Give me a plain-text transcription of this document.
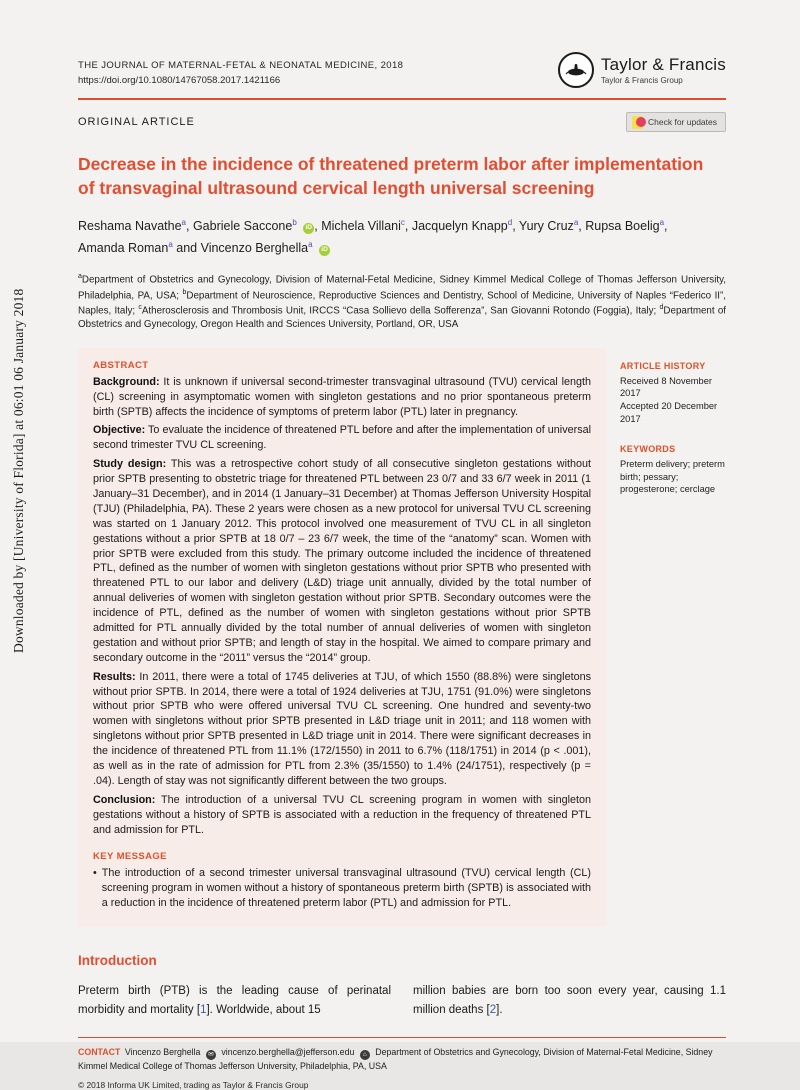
Downloaded by [University of Florida] at 06:01 06 January 2018
THE JOURNAL OF MATERNAL-FETAL & NEONATAL MEDICINE, 2018
https://doi.org/10.1080/14767058.2017.1421166
Taylor & Francis
Taylor & Francis Group
ORIGINAL ARTICLE	Check for updates
Decrease in the incidence of threatened preterm labor after implementation of transvaginal ultrasound cervical length universal screening

Reshama Navathe$^a$, Gabriele Saccone$^b$ iD , Michela Villani$^c$, Jacquelyn Knapp$^d$, Yury Cruz$^a$, Rupsa Boelig$^a$, Amanda Roman$^a$ and Vincenzo Berghella$^a$ iD

$^a$Department of Obstetrics and Gynecology, Division of Maternal-Fetal Medicine, Sidney Kimmel Medical College of Thomas Jefferson University, Philadelphia, PA, USA; $^b$Department of Neuroscience, Reproductive Sciences and Dentistry, School of Medicine, University of Naples “Federico II”, Naples, Italy; $^c$Atherosclerosis and Thrombosis Unit, IRCCS “Casa Sollievo della Sofferenza”, San Giovanni Rotondo (Foggia), Italy; $^d$Department of Obstetrics and Gynecology, Oregon Health and Sciences University, Portland, OR, USA

ABSTRACT
Background: It is unknown if universal second-trimester transvaginal ultrasound (TVU) cervical length (CL) screening in asymptomatic women with singleton gestations and no prior spontaneous preterm birth (SPTB) affects the incidence of symptoms of preterm labor (PTL) later in pregnancy.
Objective: To evaluate the incidence of threatened PTL before and after the implementation of universal second trimester TVU CL screening.
Study design: This was a retrospective cohort study of all consecutive singleton gestations without prior SPTB presenting to obstetric triage for threatened PTL between 23 0/7 and 33 6/7 week in 2011 (1 January–31 December), and in 2014 (1 January–31 December) at Thomas Jefferson University Hospital (TJU) (Philadelphia, PA). These 2 years were chosen as a new protocol for universal TVU CL screening was started on 1 January 2012. This protocol involved one measurement of TVU CL in all singleton gestations without a prior SPTB at 18 0/7 – 23 6/7 week, the time of the “anatomy” scan. Women with prior SPTB were excluded from this study. The primary outcome included the incidence of threatened PTL, defined as the number of women with singleton gestations without prior SPTB who presented with threatened PTL to our labor and delivery (L&D) triage unit annually, divided by the total number of annual deliveries of women with singleton gestation without prior SPTB. Secondary outcomes were the incidence of PTL, defined as the number of women with singleton gestations without prior SPTB admitted for PTL annually divided by the total number of annual deliveries of women with singleton gestation and without prior SPTB; and length of stay in the hospital. We aimed to compare primary and secondary outcome in the “2011” versus the “2014” group.
Results: In 2011, there were a total of 1745 deliveries at TJU, of which 1550 (88.8%) were singletons without prior SPTB. In 2014, there were a total of 1924 deliveries at TJU, 1751 (91.0%) were singletons without prior SPTB who were offered universal TVU CL screening. One hundred and seventy-two women with singletons without prior SPTB presented in L&D triage unit in 2011; and 118 women with singletons without prior SPTB presented in L&D triage unit in 2014. There were significant decreases in the incidence of threatened PTL from 11.1% (172/1550) in 2011 to 6.7% (118/1751) in 2014 (p < .001), as well as in the rate of admission for PTL from 2.3% (35/1550) to 1.4% (24/1751), respectively (p = .04). Length of stay was not significantly different between the two groups.
Conclusion: The introduction of a universal TVU CL screening program in women with singleton gestations without a history of SPTB is associated with a reduction in the frequency of threatened PTL and admission for PTL.
KEY MESSAGE
• The introduction of a second trimester universal transvaginal ultrasound (TVU) cervical length (CL) screening program in women without a history of spontaneous preterm birth (SPTB) is associated with a reduction in the incidence of threatened preterm labor (PTL) and admission for PTL.
ARTICLE HISTORY
Received 8 November 2017
Accepted 20 December 2017
KEYWORDS
Preterm delivery; preterm birth; pessary; progesterone; cerclage
Introduction
Preterm birth (PTB) is the leading cause of perinatal morbidity and mortality [1]. Worldwide, about 15
million babies are born too soon every year, causing 1.1 million deaths [2].

CONTACT Vincenzo Berghella ✉ vincenzo.berghella@jefferson.edu ⌂ Department of Obstetrics and Gynecology, Division of Maternal-Fetal Medicine, Sidney Kimmel Medical College of Thomas Jefferson University, Philadelphia, PA, USA

© 2018 Informa UK Limited, trading as Taylor & Francis Group
